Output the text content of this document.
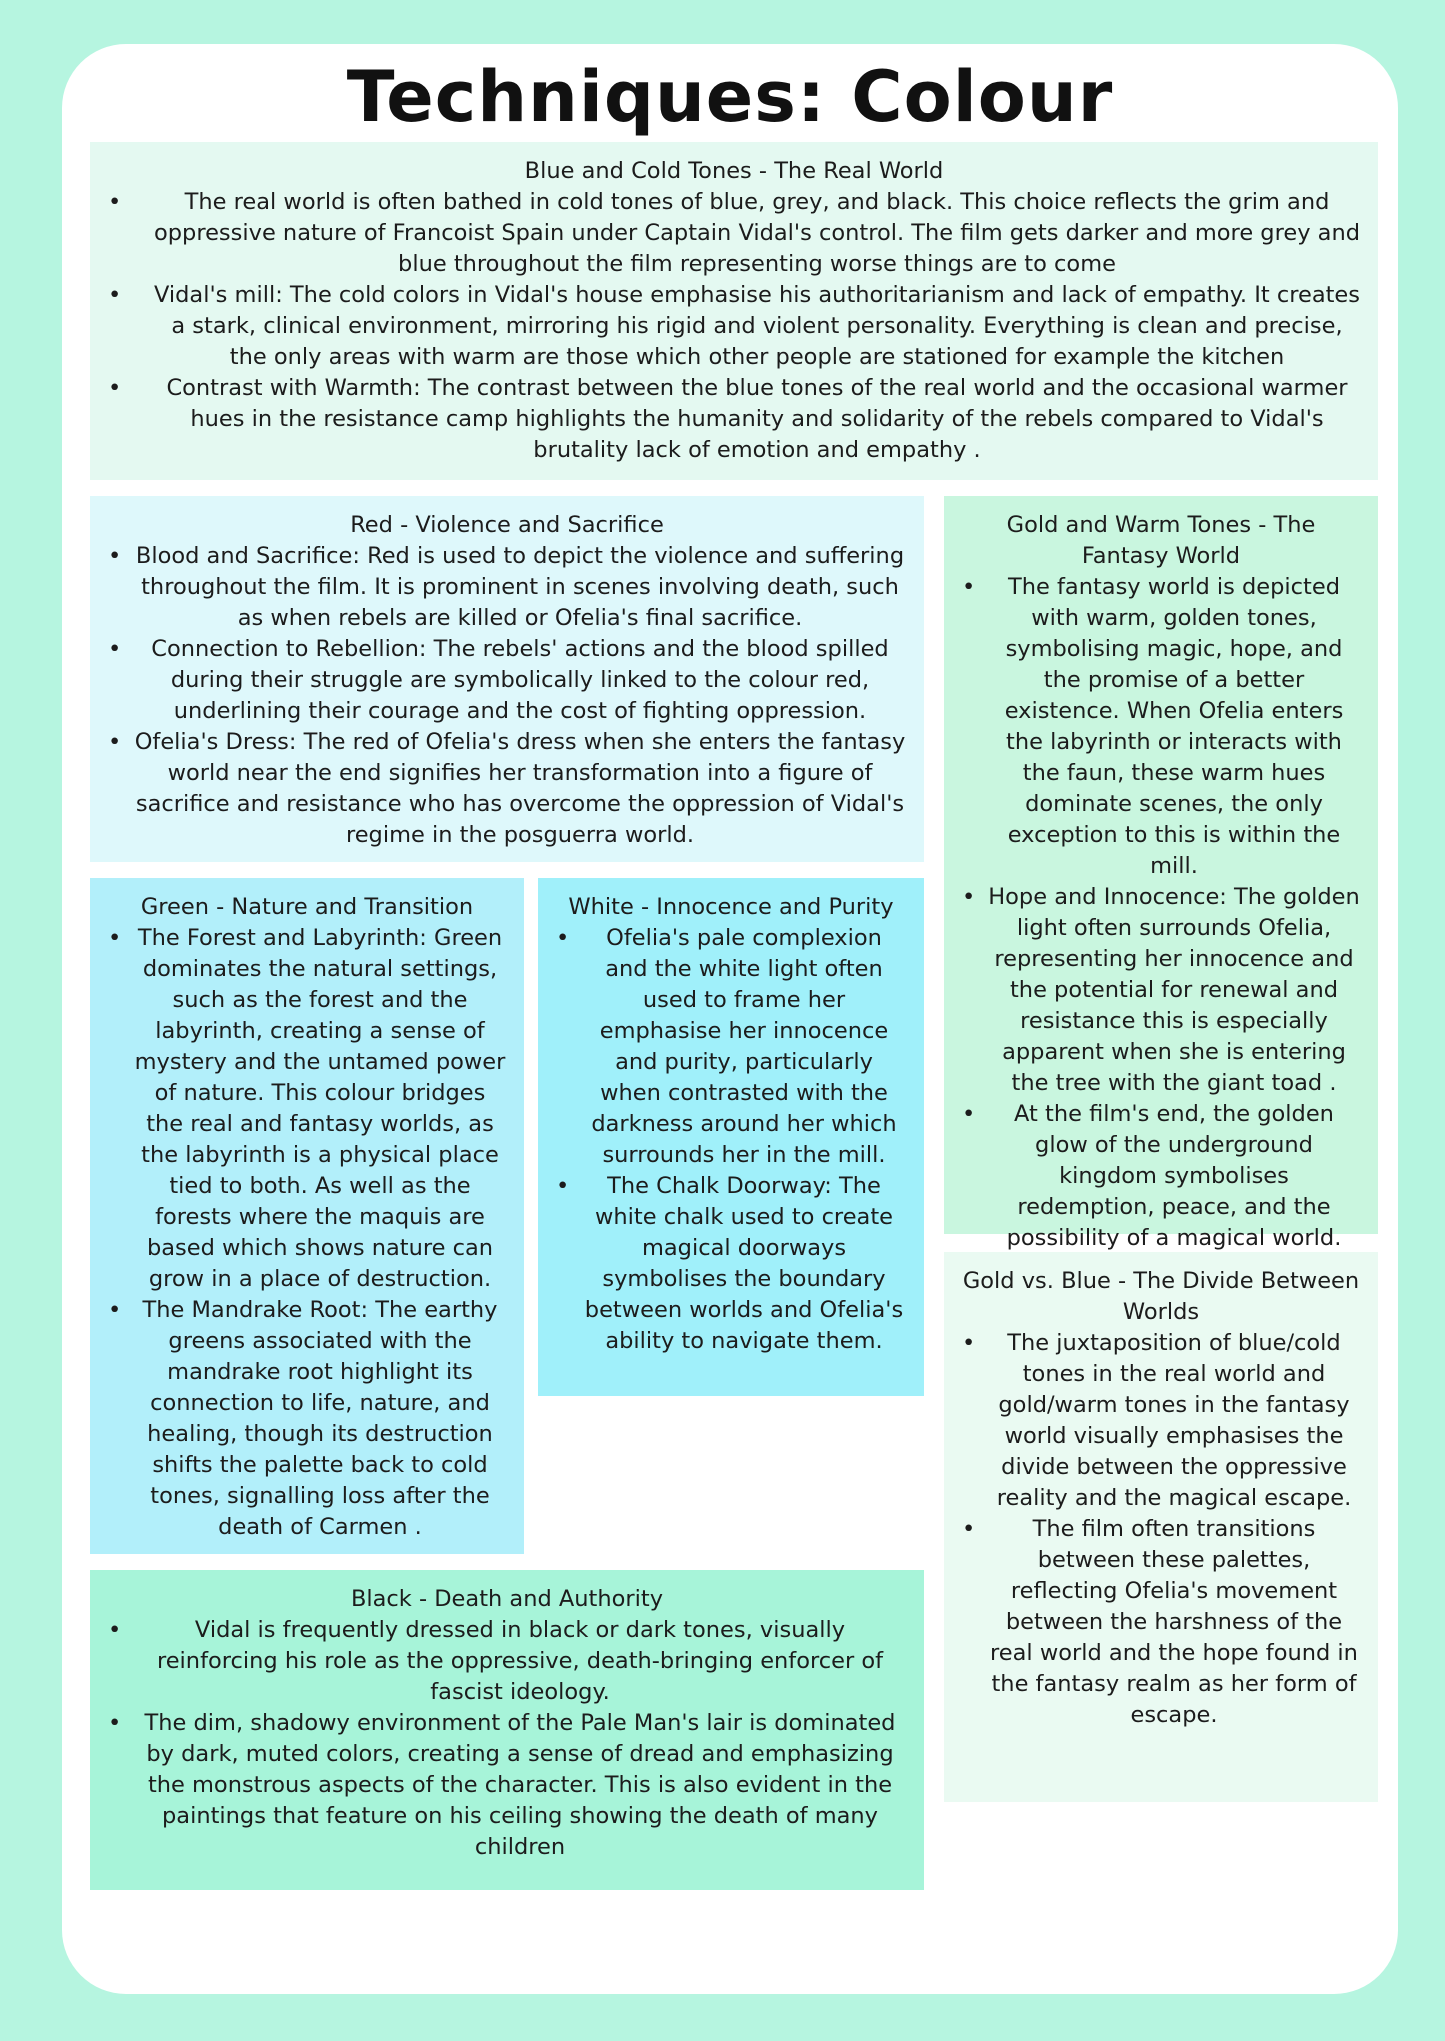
Techniques: Colour
Blue and Cold Tones - The Real World
•	The real world is often bathed in cold tones of blue, grey, and black. This choice reflects the grim and oppressive nature of Francoist Spain under Captain Vidal's control. The film gets darker and more grey and blue throughout the film representing worse things are to come
• Vidal's mill: The cold colors in Vidal's house emphasise his authoritarianism and lack of empathy. It creates a stark, clinical environment, mirroring his rigid and violent personality. Everything is clean and precise, the only areas with warm are those which other people are stationed for example the kitchen
• Contrast with Warmth: The contrast between the blue tones of the real world and the occasional warmer hues in the resistance camp highlights the humanity and solidarity of the rebels compared to Vidal's brutality lack of emotion and empathy .
Red - Violence and Sacrifice
• Blood and Sacrifice: Red is used to depict the violence and suffering throughout the film. It is prominent in scenes involving death, such as when rebels are killed or Ofelia's final sacrifice.
• Connection to Rebellion: The rebels' actions and the blood spilled during their struggle are symbolically linked to the colour red, underlining their courage and the cost of fighting oppression.
• Ofelia's Dress: The red of Ofelia's dress when she enters the fantasy world near the end signifies her transformation into a figure of sacrifice and resistance who has overcome the oppression of Vidal's regime in the posguerra world.
Gold and Warm Tones - The Fantasy World
• The fantasy world is depicted with warm, golden tones, symbolising magic, hope, and the promise of a better existence. When Ofelia enters the labyrinth or interacts with the faun, these warm hues dominate scenes, the only exception to this is within the mill.
• Hope and Innocence: The golden light often surrounds Ofelia, representing her innocence and the potential for renewal and resistance this is especially apparent when she is entering the tree with the giant toad .
• At the film's end, the golden glow of the underground kingdom symbolises redemption, peace, and the possibility of a magical world.
Green - Nature and Transition
• The Forest and Labyrinth: Green dominates the natural settings, such as the forest and the labyrinth, creating a sense of mystery and the untamed power of nature. This colour bridges the real and fantasy worlds, as the labyrinth is a physical place tied to both. As well as the forests where the maquis are based which shows nature can grow in a place of destruction.
• The Mandrake Root: The earthy greens associated with the mandrake root highlight its connection to life, nature, and healing, though its destruction shifts the palette back to cold tones, signalling loss after the death of Carmen .
White - Innocence and Purity
• Ofelia's pale complexion and the white light often used to frame her emphasise her innocence and purity, particularly when contrasted with the darkness around her which surrounds her in the mill.
• The Chalk Doorway: The white chalk used to create magical doorways symbolises the boundary between worlds and Ofelia's ability to navigate them.
Gold vs. Blue - The Divide Between Worlds
• The juxtaposition of blue/cold tones in the real world and gold/warm tones in the fantasy world visually emphasises the divide between the oppressive reality and the magical escape.
•	The film often transitions between these palettes, reflecting Ofelia's movement between the harshness of the real world and the hope found in the fantasy realm as her form of escape.
Black - Death and Authority
•	Vidal is frequently dressed in black or dark tones, visually reinforcing his role as the oppressive, death-bringing enforcer of fascist ideology.
• The dim, shadowy environment of the Pale Man's lair is dominated by dark, muted colors, creating a sense of dread and emphasizing the monstrous aspects of the character. This is also evident in the paintings that feature on his ceiling showing the death of many children
